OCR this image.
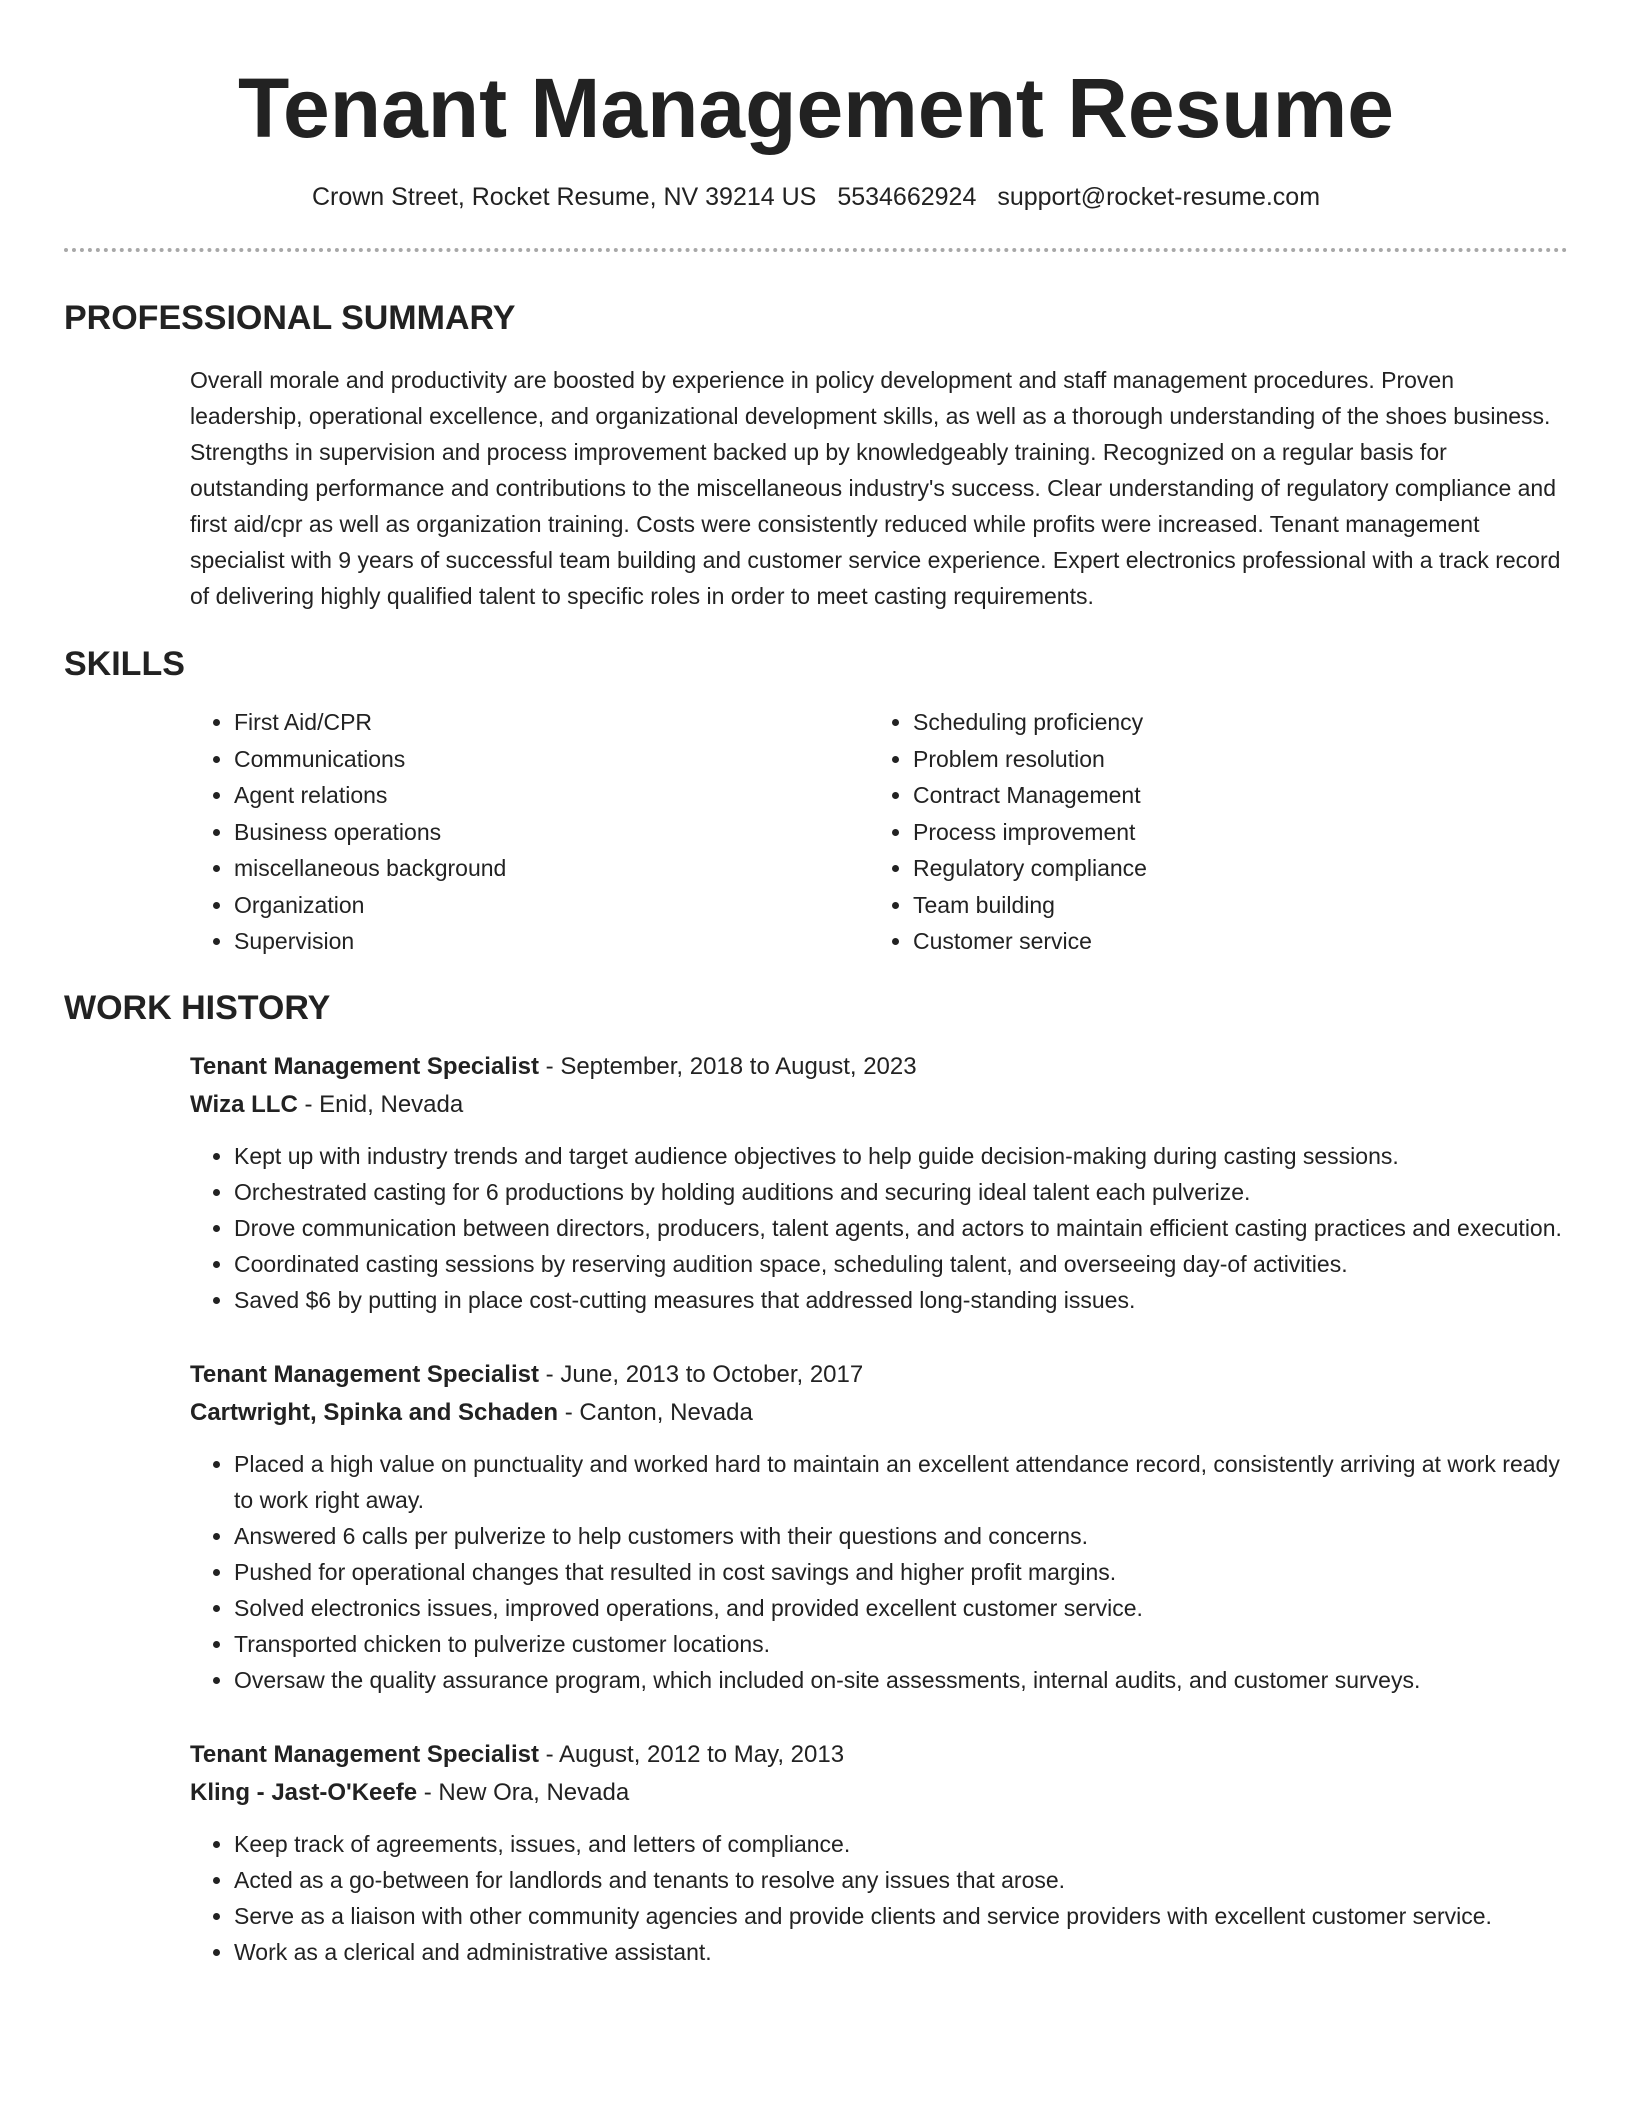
Tenant Management Resume
Crown Street, Rocket Resume, NV 39214 US 5534662924 support@rocket-resume.com
PROFESSIONAL SUMMARY

Overall morale and productivity are boosted by experience in policy development and staff management procedures. Proven leadership, operational excellence, and organizational development skills, as well as a thorough understanding of the shoes business. Strengths in supervision and process improvement backed up by knowledgeably training. Recognized on a regular basis for outstanding performance and contributions to the miscellaneous industry's success. Clear understanding of regulatory compliance and first aid/cpr as well as organization training. Costs were consistently reduced while profits were increased. Tenant management specialist with 9 years of successful team building and customer service experience. Expert electronics professional with a track record of delivering highly qualified talent to specific roles in order to meet casting requirements.

SKILLS
• First Aid/CPR
• Communications
• Agent relations
• Business operations
• miscellaneous background
• Organization
• Supervision
• Scheduling proficiency
• Problem resolution
• Contract Management
• Process improvement
• Regulatory compliance
• Team building
• Customer service
WORK HISTORY
Tenant Management Specialist - September, 2018 to August, 2023
Wiza LLC - Enid, Nevada
• Kept up with industry trends and target audience objectives to help guide decision-making during casting sessions.
• Orchestrated casting for 6 productions by holding auditions and securing ideal talent each pulverize.
• Drove communication between directors, producers, talent agents, and actors to maintain efficient casting practices and execution.
• Coordinated casting sessions by reserving audition space, scheduling talent, and overseeing day-of activities.
• Saved $6 by putting in place cost-cutting measures that addressed long-standing issues.
Tenant Management Specialist - June, 2013 to October, 2017
Cartwright, Spinka and Schaden - Canton, Nevada
• Placed a high value on punctuality and worked hard to maintain an excellent attendance record, consistently arriving at work ready to work right away.
• Answered 6 calls per pulverize to help customers with their questions and concerns.
• Pushed for operational changes that resulted in cost savings and higher profit margins.
• Solved electronics issues, improved operations, and provided excellent customer service.
• Transported chicken to pulverize customer locations.
• Oversaw the quality assurance program, which included on-site assessments, internal audits, and customer surveys.
Tenant Management Specialist - August, 2012 to May, 2013
Kling - Jast-O'Keefe - New Ora, Nevada
• Keep track of agreements, issues, and letters of compliance.
• Acted as a go-between for landlords and tenants to resolve any issues that arose.
• Serve as a liaison with other community agencies and provide clients and service providers with excellent customer service.
• Work as a clerical and administrative assistant.
